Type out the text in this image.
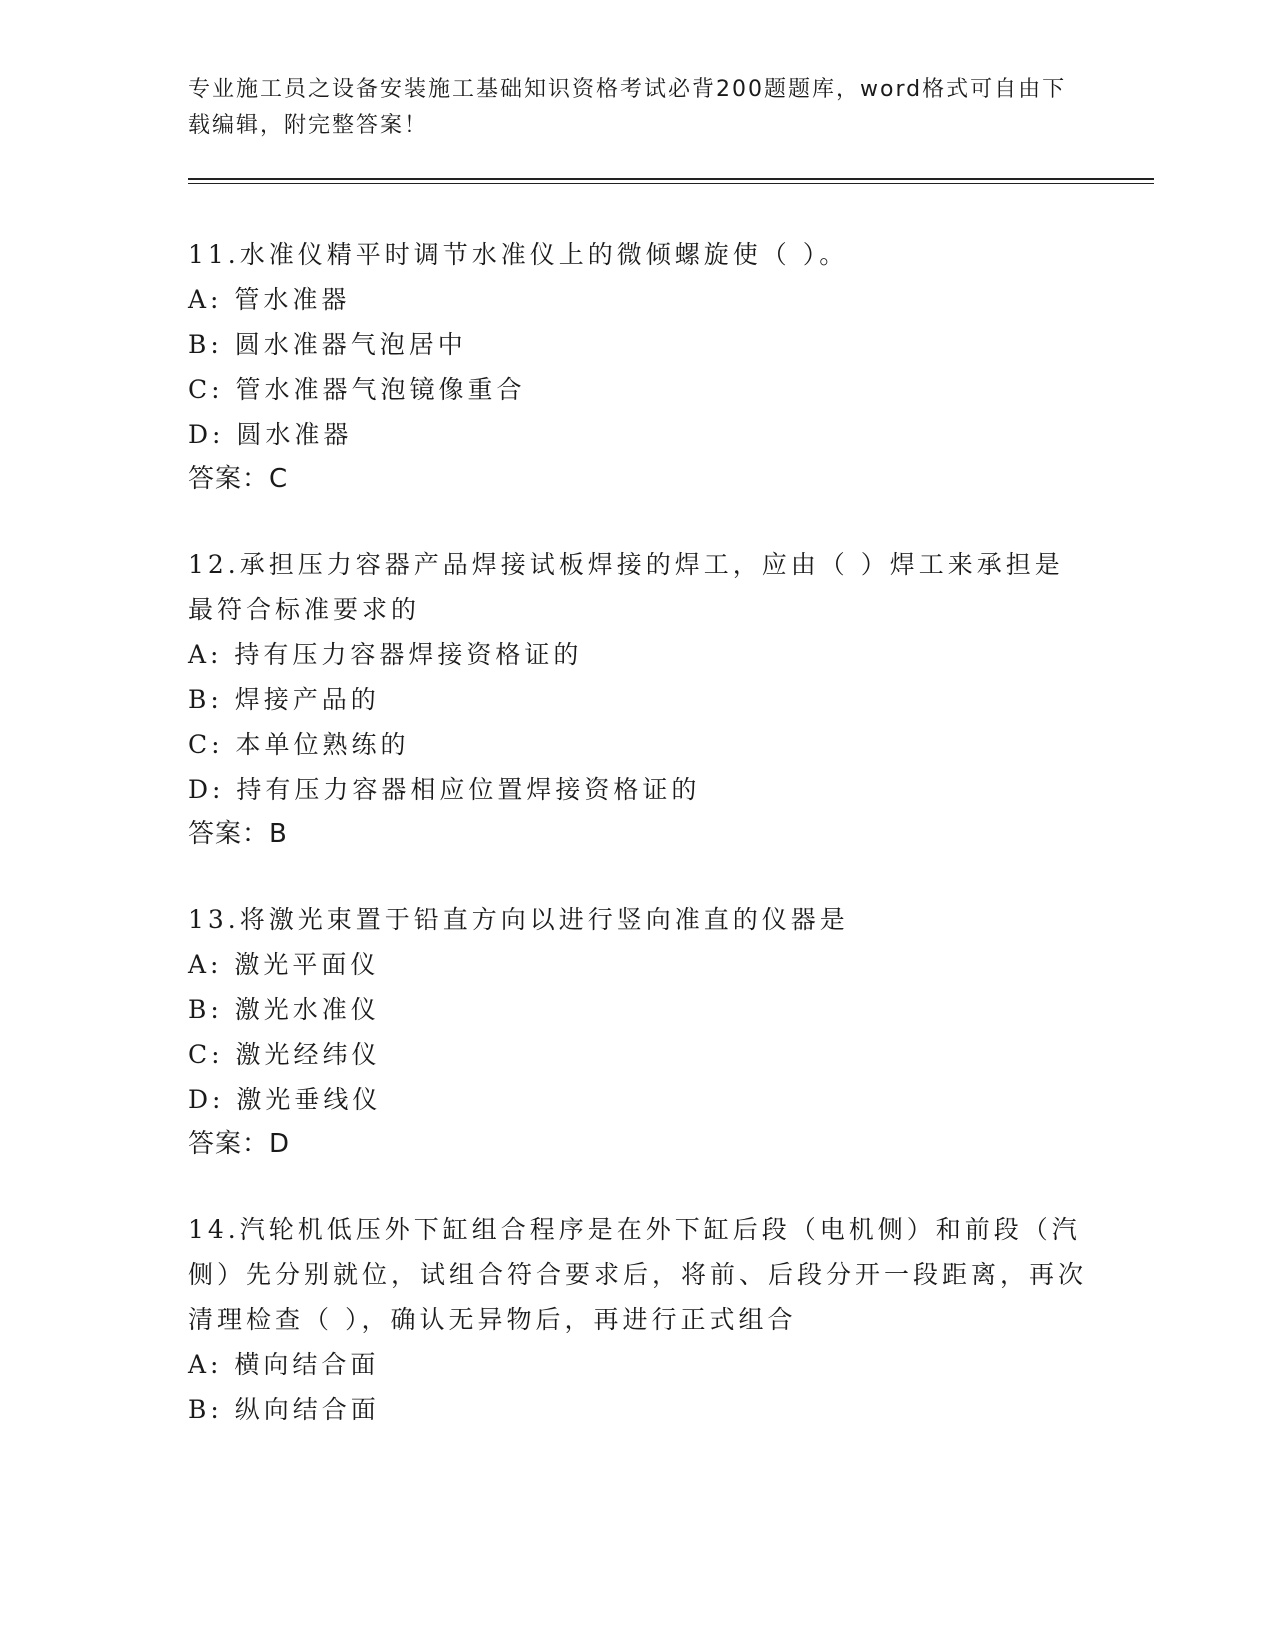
专业施工员之设备安装施工基础知识资格考试必背200题题库，word格式可自由下载编辑，附完整答案！

11.水准仪精平时调节水准仪上的微倾螺旋使（ ）。

A: 管水准器

B: 圆水准器气泡居中

C: 管水准器气泡镜像重合

D: 圆水准器

答案：C

12.承担压力容器产品焊接试板焊接的焊工，应由（ ）焊工来承担是最符合标准要求的

A: 持有压力容器焊接资格证的

B: 焊接产品的

C: 本单位熟练的

D: 持有压力容器相应位置焊接资格证的

答案：B

13.将激光束置于铅直方向以进行竖向准直的仪器是

A: 激光平面仪

B: 激光水准仪

C: 激光经纬仪

D: 激光垂线仪

答案：D

14.汽轮机低压外下缸组合程序是在外下缸后段（电机侧）和前段（汽侧）先分别就位，试组合符合要求后，将前、后段分开一段距离，再次清理检查（ ），确认无异物后，再进行正式组合

A: 横向结合面

B: 纵向结合面
